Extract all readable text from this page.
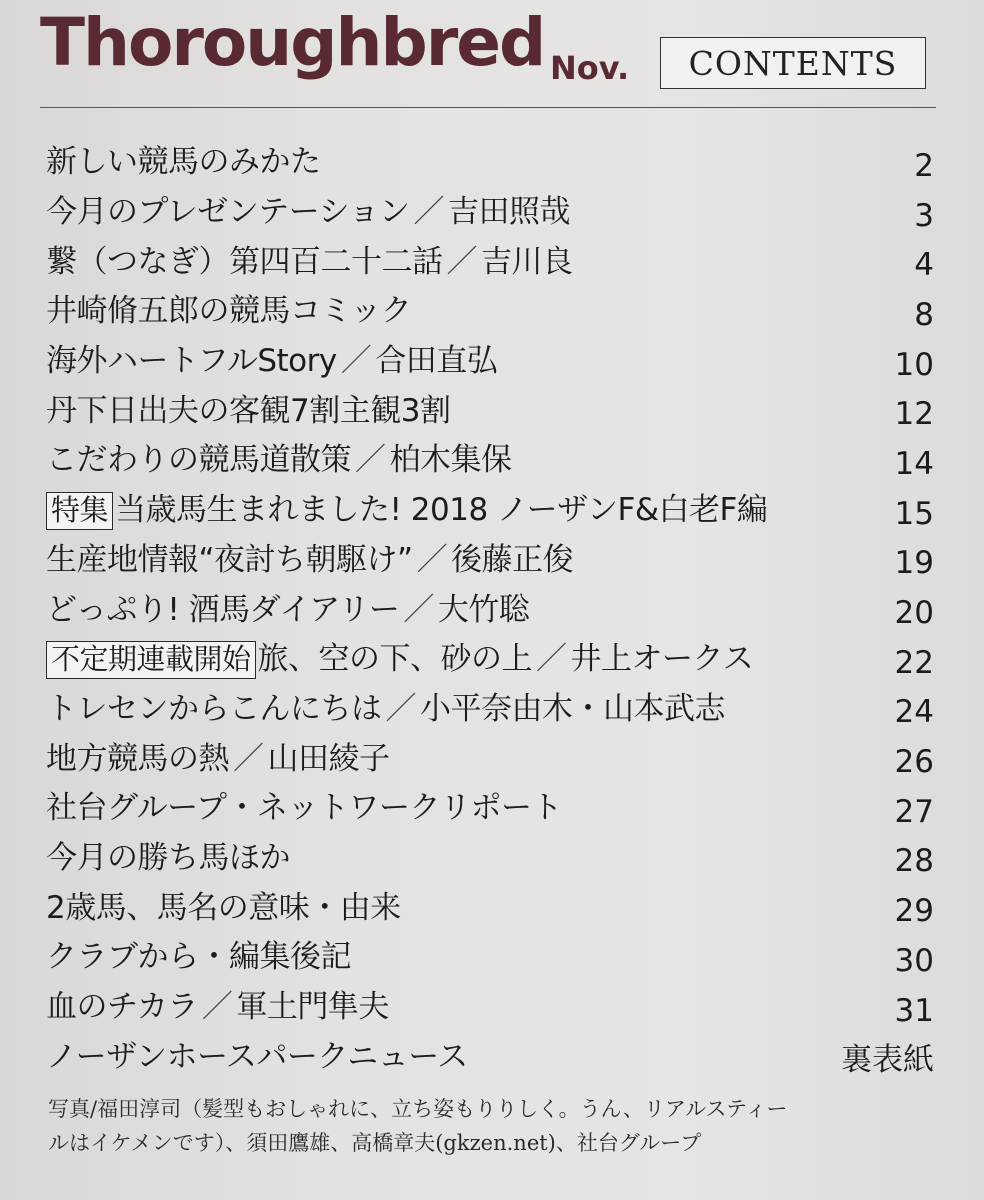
Thoroughbred Nov.	CONTENTS
新しい競馬のみかた	2
今月のプレゼンテーション ／ 吉田照哉	3
繋（つなぎ）第四百二十二話 ／ 吉川良	4
井崎脩五郎の競馬コミック	8
海外ハートフルStory ／ 合田直弘	10
丹下日出夫の客観7割主観3割	12
こだわりの競馬道散策 ／ 柏木集保	14
特集 当歳馬生まれました! 2018 ノーザンF&白老F編	15
生産地情報“夜討ち朝駆け” ／ 後藤正俊	19
どっぷり! 酒馬ダイアリー ／ 大竹聡	20
不定期連載開始 旅、空の下、砂の上 ／ 井上オークス	22
トレセンからこんにちは ／ 小平奈由木・山本武志	24
地方競馬の熱 ／ 山田綾子	26
社台グループ・ネットワークリポート	27
今月の勝ち馬ほか	28
2歳馬、馬名の意味・由来	29
クラブから・編集後記	30
血のチカラ ／ 軍土門隼夫	31
ノーザンホースパークニュース	裏表紙
写真/福田淳司（髪型もおしゃれに、立ち姿もりりしく。うん、リアルスティー
ルはイケメンです）、須田鷹雄、高橋章夫(gkzen.net)、社台グループ
